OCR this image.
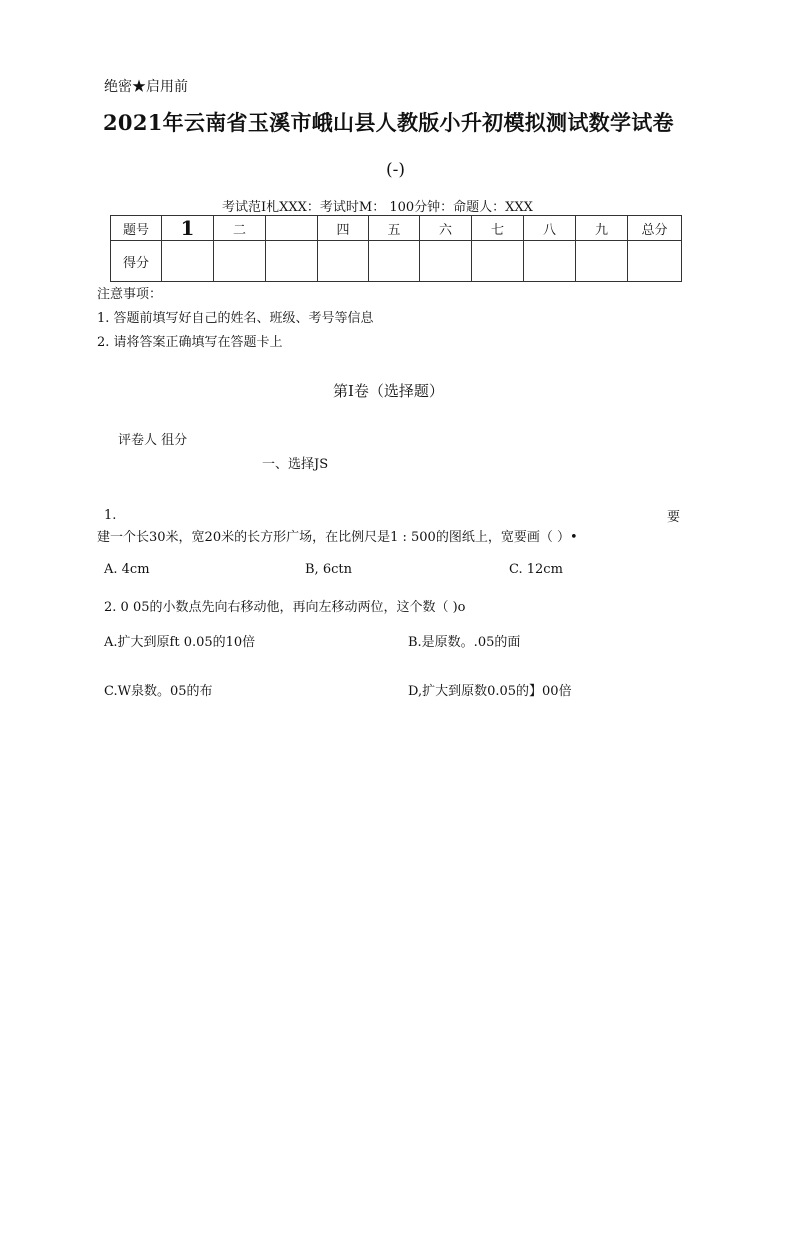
绝密★启用前
2021年云南省玉溪市峨山县人教版小升初模拟测试数学试卷
(-)
考试范I札XXX：考试时M： 100分钟：命题人：XXX
题号	1	二		四	五	六	七	八	九	总分
得分										
注意事项：
1. 答题前填写好自己的姓名、班级、考号等信息
2. 请将答案正确填写在答题卡上
第I卷（选择题）
评卷人 徂分
一、选择JS
1.	要
建一个长30米，宽20米的长方形广场，在比例尺是1 : 500的图纸上，宽要画（ ）•
A. 4cm	B, 6ctn	C. 12cm
2. 0 05的小数点先向右移动他，再向左移动两位，这个数（ )o
A.扩大到原ft 0.05的10倍	B.是原数。.05的面
C.W泉数。05的布	D,扩大到原数0.05的】00倍
